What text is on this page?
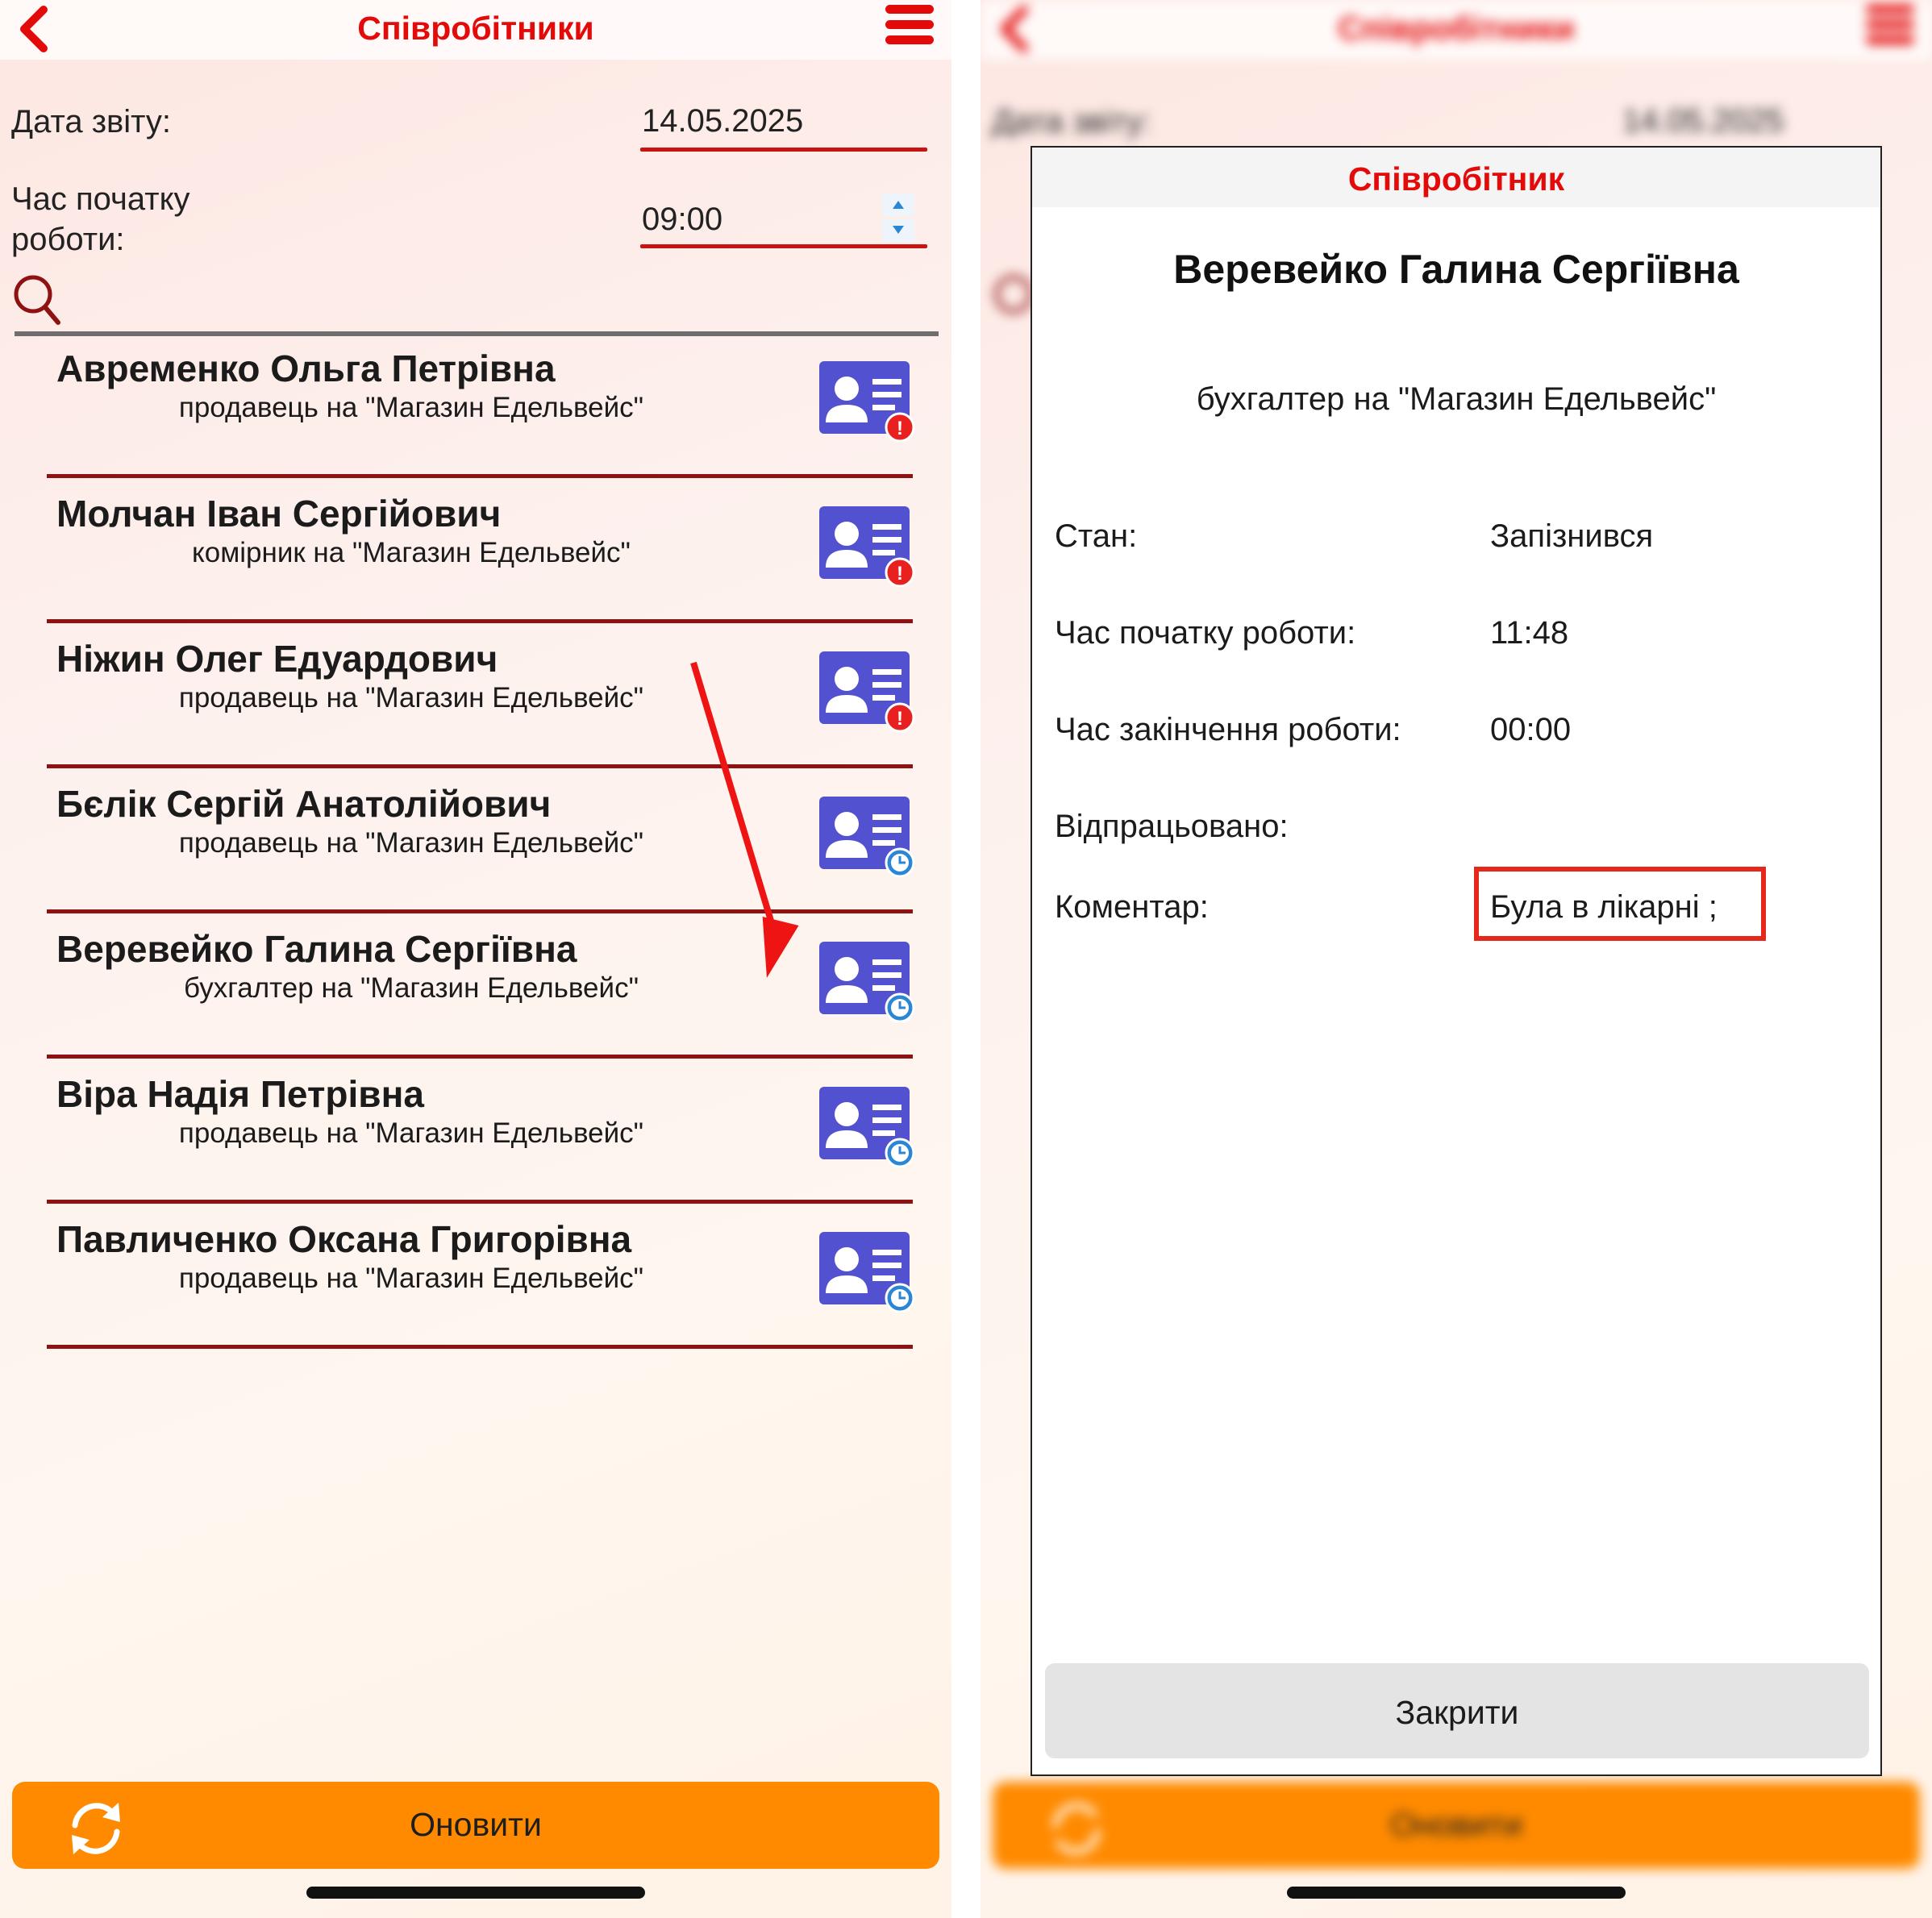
Співробітники
Дата звіту:	14.05.2025
Час початку
роботи:
09:00
Авременко Ольга Петрівна
продавець на "Магазин Едельвейс"
!
Молчан Іван Сергійович
комірник на "Магазин Едельвейс"
!
Ніжин Олег Едуардович
продавець на "Магазин Едельвейс"
!
Бєлік Сергій Анатолійович
продавець на "Магазин Едельвейс"
Веревейко Галина Сергіївна
бухгалтер на "Магазин Едельвейс"
Віра Надія Петрівна
продавець на "Магазин Едельвейс"
Павличенко Оксана Григорівна
продавець на "Магазин Едельвейс"
Оновити
Співробітники
Дата звіту:	14.05.2025
Оновити
Співробітник
Веревейко Галина Сергіївна
бухгалтер на "Магазин Едельвейс"
Стан:	Запізнився
Час початку роботи:	11:48
Час закінчення роботи:	00:00
Відпрацьовано:
Коментар:	Була в лікарні ;
Закрити
